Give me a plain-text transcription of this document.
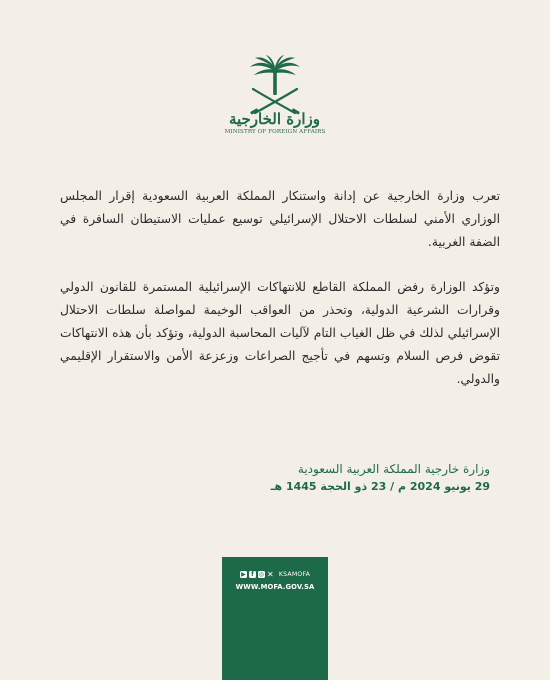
وزارة الخارجية
MINISTRY OF FOREIGN AFFAIRS

تعرب وزارة الخارجية عن إدانة واستنكار المملكة العربية السعودية إقرار المجلس الوزاري الأمني لسلطات الاحتلال الإسرائيلي توسيع عمليات الاستيطان السافرة في الضفة الغربية.

وتؤكد الوزارة رفض المملكة القاطع للانتهاكات الإسرائيلية المستمرة للقانون الدولي وقرارات الشرعية الدولية، وتحذر من العواقب الوخيمة لمواصلة سلطات الاحتلال الإسرائيلي لذلك في ظل الغياب التام لآليات المحاسبة الدولية، وتؤكد بأن هذه الانتهاكات تقوض فرص السلام وتسهم في تأجيج الصراعات وزعزعة الأمن والاستقرار الإقليمي والدولي.

وزارة خارجية المملكة العربية السعودية
29 يونيو 2024 م / 23 ذو الحجة 1445 هـ
▶ f ◎ ✕ KSAMOFA
WWW.MOFA.GOV.SA
